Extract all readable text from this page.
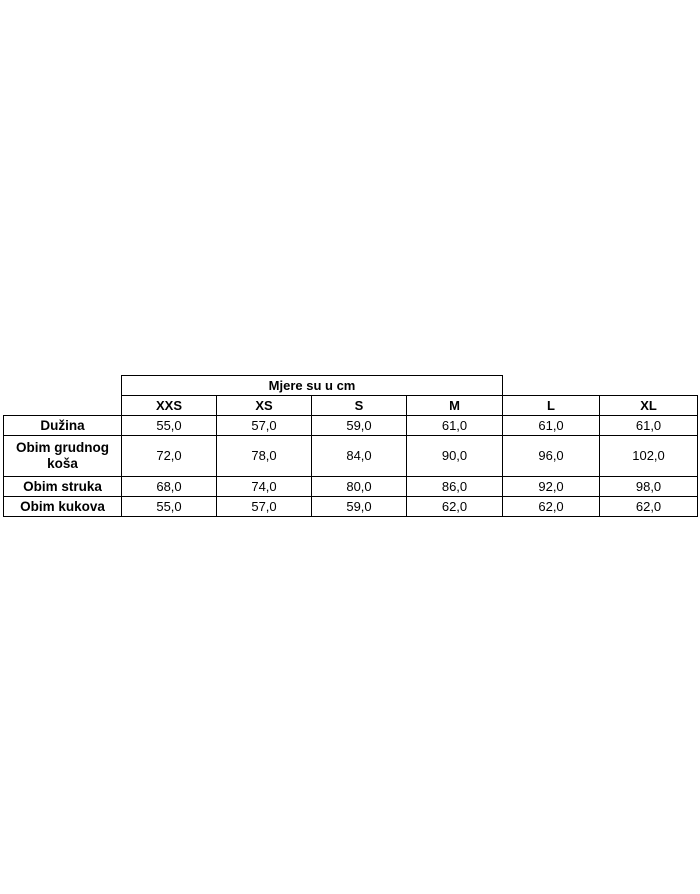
	Mjere su u cm					
	XXS	XS	S	M	L	XL
Dužina	55,0	57,0	59,0	61,0	61,0	61,0
Obim grudnog koša	72,0	78,0	84,0	90,0	96,0	102,0
Obim struka	68,0	74,0	80,0	86,0	92,0	98,0
Obim kukova	55,0	57,0	59,0	62,0	62,0	62,0
